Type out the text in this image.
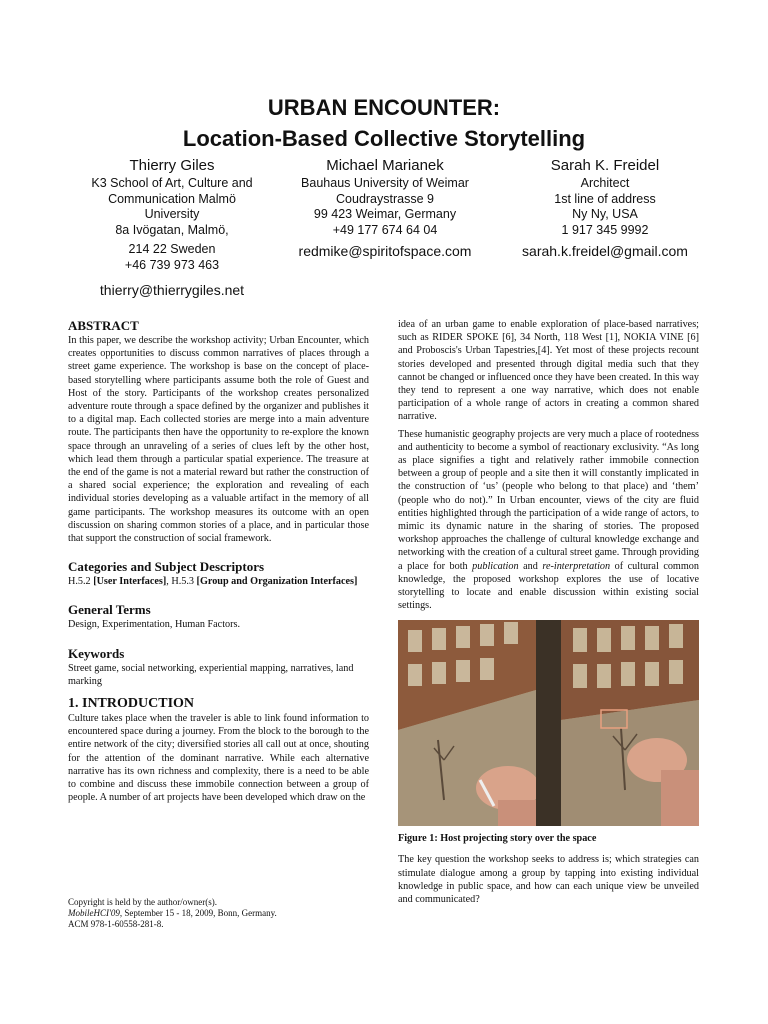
URBAN ENCOUNTER:
Location-Based Collective Storytelling
Thierry Giles
K3 School of Art, Culture and
Communication Malmö
University
8a Ivögatan, Malmö,
214 22 Sweden
+46 739 973 463
thierry@thierrygiles.net
Michael Marianek
Bauhaus University of Weimar
Coudraystrasse 9
99 423 Weimar, Germany
+49 177 674 64 04
redmike@spiritofspace.com
Sarah K. Freidel
Architect
1st line of address
Ny Ny, USA
1 917 345 9992
sarah.k.freidel@gmail.com
ABSTRACT

In this paper, we describe the workshop activity; Urban Encounter, which creates opportunities to discuss common narratives of places through a street game experience. The workshop is base on the concept of place-based storytelling where participants assume both the role of Guest and Host of the story. Participants of the workshop creates personalized adventure route through a space defined by the organizer and publishes it to a digital map. Each collected stories are merge into a main adventure route. The participants then have the opportunity to re-explore the known space through an unraveling of a series of clues left by the other host, which lead them through a particular spatial experience. The treasure at the end of the game is not a material reward but rather the construction of a shared social experience; the exploration and revealing of each individual stories developing as a valuable artifact in the memory of all game participants. The workshop measures its outcome with an open discussion on sharing common stories of a place, and in particular those that support the construction of social framework.

Categories and Subject Descriptors

H.5.2 [User Interfaces], H.5.3 [Group and Organization Interfaces]

General Terms

Design, Experimentation, Human Factors.

Keywords

Street game, social networking, experiential mapping, narratives, land marking

1. INTRODUCTION

Culture takes place when the traveler is able to link found information to encountered space during a journey. From the block to the borough to the entire network of the city; diversified stories all call out at once, shouting for the attention of the dominant narrative. While each alternative narrative has its own richness and complexity, there is a need to be able to combine and discuss these immobile connection between a group of people. A number of art projects have been developed which draw on the

Copyright is held by the author/owner(s).
MobileHCI'09, September 15 - 18, 2009, Bonn, Germany.
ACM 978-1-60558-281-8.

idea of an urban game to enable exploration of place-based narratives; such as RIDER SPOKE [6], 34 North, 118 West [1], NOKIA VINE [6] and Proboscis's Urban Tapestries,[4]. Yet most of these projects recount stories developed and presented through digital media such that they cannot be changed or influenced once they have been created. In this way they tend to represent a one way narrative, which does not enable participation of a whole range of actors in creating a common shared narrative.

These humanistic geography projects are very much a place of rootedness and authenticity to become a symbol of reactionary exclusivity. “As long as place signifies a tight and relatively rather immobile connection between a group of people and a site then it will constantly implicated in the construction of ‘us’ (people who belong to that place) and ‘them’ (people who do not).” In Urban encounter, views of the city are fluid entities highlighted through the participation of a wide range of actors, to mimic its dynamic nature in the sharing of stories. The proposed workshop approaches the challenge of cultural knowledge exchange and networking with the creation of a cultural street game. Through providing a place for both publication and re-interpretation of cultural common knowledge, the proposed workshop explores the use of locative storytelling to locate and enable discussion within existing social settings.

Figure 1: Host projecting story over the space

The key question the workshop seeks to address is; which strategies can stimulate dialogue among a group by tapping into existing individual knowledge in public space, and how can each unique view be unveiled and communicated?
